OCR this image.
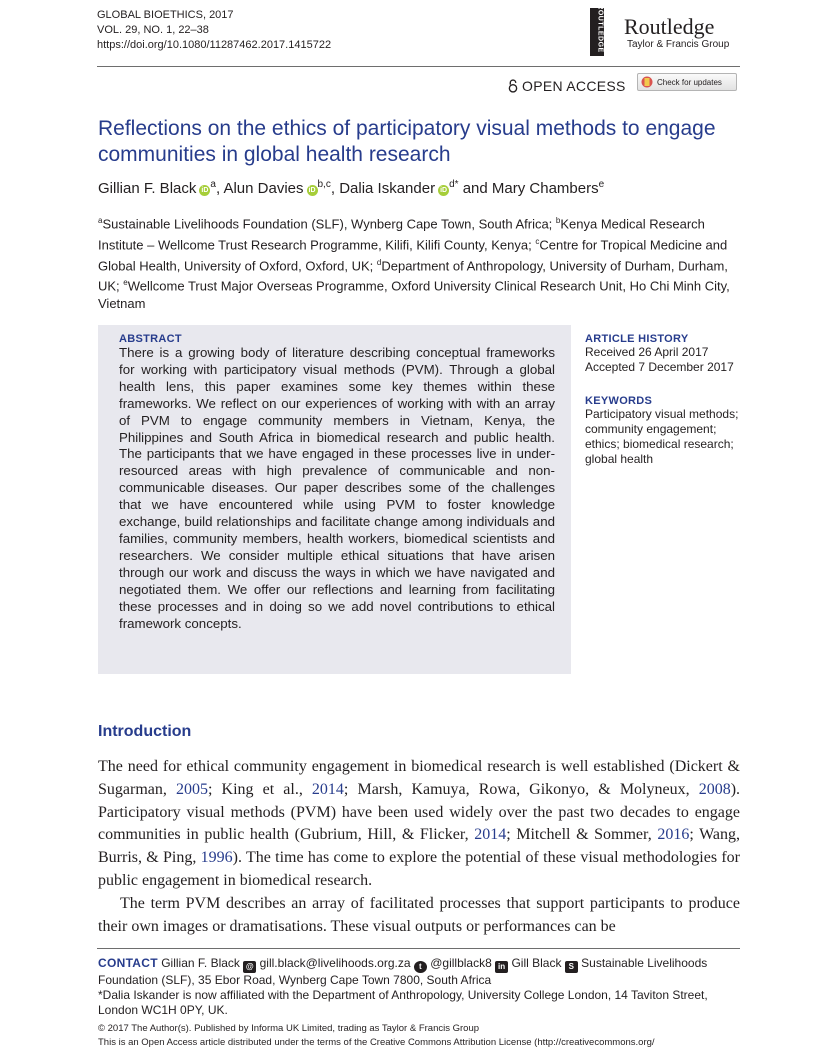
GLOBAL BIOETHICS, 2017
VOL. 29, NO. 1, 22–38
https://doi.org/10.1080/11287462.2017.1415722	ROUTLEDGE Routledge
Taylor & Francis Group
OPEN ACCESS	Check for updates
Reflections on the ethics of participatory visual methods to engage communities in global health research
Gillian F. Black $iD^a$, Alun Davies iD$^{b,c}$, Dalia Iskander $iD^{d*}$ and Mary Chambers$^e$
$^a$Sustainable Livelihoods Foundation (SLF), Wynberg Cape Town, South Africa; $^b$Kenya Medical Research Institute – Wellcome Trust Research Programme, Kilifi, Kilifi County, Kenya; $^c$Centre for Tropical Medicine and Global Health, University of Oxford, Oxford, UK; $^d$Department of Anthropology, University of Durham, Durham, UK; $^e$Wellcome Trust Major Overseas Programme, Oxford University Clinical Research Unit, Ho Chi Minh City, Vietnam
ABSTRACT
There is a growing body of literature describing conceptual frameworks for working with participatory visual methods (PVM). Through a global health lens, this paper examines some key themes within these frameworks. We reflect on our experiences of working with with an array of PVM to engage community members in Vietnam, Kenya, the Philippines and South Africa in biomedical research and public health. The participants that we have engaged in these processes live in under-resourced areas with high prevalence of communicable and non-communicable diseases. Our paper describes some of the challenges that we have encountered while using PVM to foster knowledge exchange, build relationships and facilitate change among individuals and families, community members, health workers, biomedical scientists and researchers. We consider multiple ethical situations that have arisen through our work and discuss the ways in which we have navigated and negotiated them. We offer our reflections and learning from facilitating these processes and in doing so we add novel contributions to ethical framework concepts.
ARTICLE HISTORY
Received 26 April 2017
Accepted 7 December 2017
KEYWORDS
Participatory visual methods; community engagement; ethics; biomedical research; global health
Introduction

The need for ethical community engagement in biomedical research is well established (Dickert & Sugarman, 2005; King et al., 2014; Marsh, Kamuya, Rowa, Gikonyo, & Molyneux, 2008). Participatory visual methods (PVM) have been used widely over the past two decades to engage communities in public health (Gubrium, Hill, & Flicker, 2014; Mitchell & Sommer, 2016; Wang, Burris, & Ping, 1996). The time has come to explore the potential of these visual methodologies for public engagement in biomedical research.

The term PVM describes an array of facilitated processes that support participants to produce their own images or dramatisations. These visual outputs or performances can be

CONTACT Gillian F. Black @ gill.black@livelihoods.org.za t @gillblack8 in Gill Black S Sustainable Livelihoods Foundation (SLF), 35 Ebor Road, Wynberg Cape Town 7800, South Africa
*Dalia Iskander is now affiliated with the Department of Anthropology, University College London, 14 Taviton Street, London WC1H 0PY, UK.
© 2017 The Author(s). Published by Informa UK Limited, trading as Taylor & Francis Group
This is an Open Access article distributed under the terms of the Creative Commons Attribution License (http://creativecommons.org/
